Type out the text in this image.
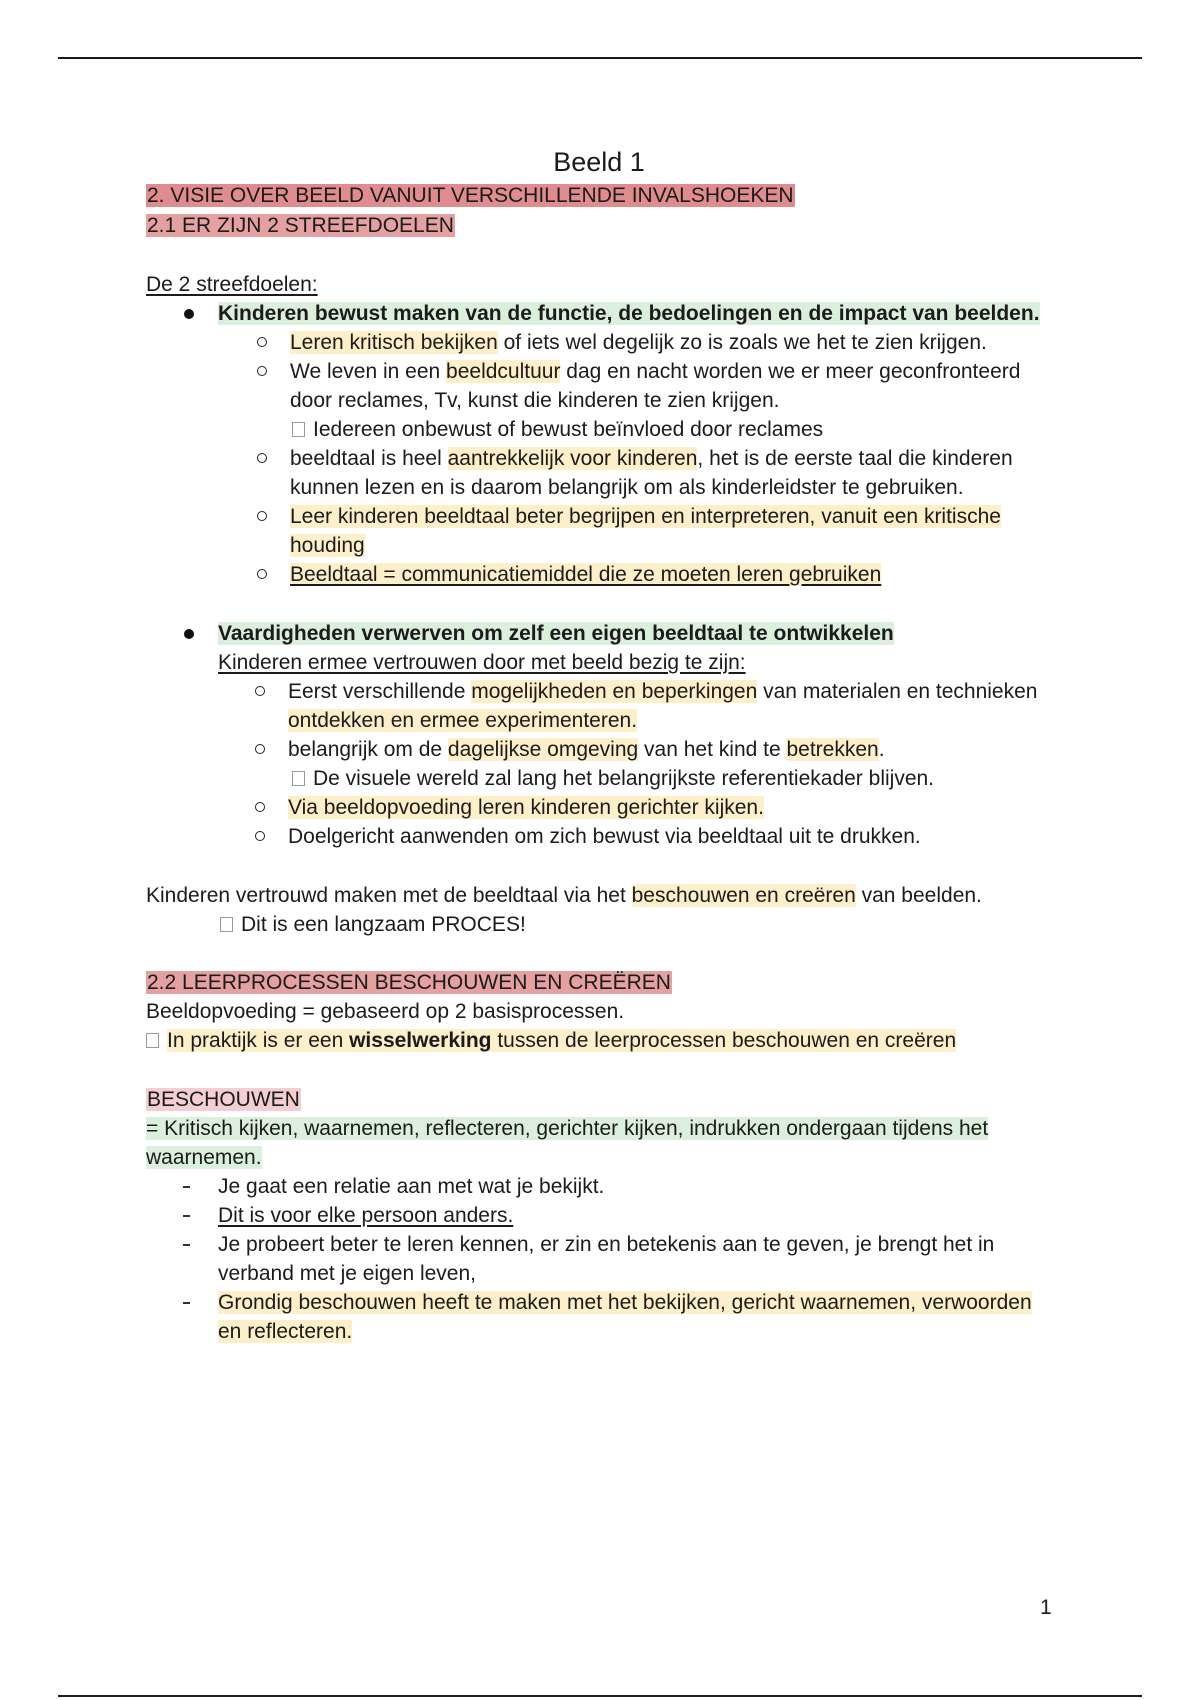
Beeld 1
2. VISIE OVER BEELD VANUIT VERSCHILLENDE INVALSHOEKEN
2.1 ER ZIJN 2 STREEFDOELEN
De 2 streefdoelen:
Kinderen bewust maken van de functie, de bedoelingen en de impact van beelden.
Leren kritisch bekijken of iets wel degelijk zo is zoals we het te zien krijgen.
We leven in een beeldcultuur dag en nacht worden we er meer geconfronteerd
door reclames, Tv, kunst die kinderen te zien krijgen.
Iedereen onbewust of bewust beïnvloed door reclames
beeldtaal is heel aantrekkelijk voor kinderen, het is de eerste taal die kinderen
kunnen lezen en is daarom belangrijk om als kinderleidster te gebruiken.
Leer kinderen beeldtaal beter begrijpen en interpreteren, vanuit een kritische
houding
Beeldtaal = communicatiemiddel die ze moeten leren gebruiken
Vaardigheden verwerven om zelf een eigen beeldtaal te ontwikkelen
Kinderen ermee vertrouwen door met beeld bezig te zijn:
Eerst verschillende mogelijkheden en beperkingen van materialen en technieken
ontdekken en ermee experimenteren.
belangrijk om de dagelijkse omgeving van het kind te betrekken.
De visuele wereld zal lang het belangrijkste referentiekader blijven.
Via beeldopvoeding leren kinderen gerichter kijken.
Doelgericht aanwenden om zich bewust via beeldtaal uit te drukken.
Kinderen vertrouwd maken met de beeldtaal via het beschouwen en creëren van beelden.
Dit is een langzaam PROCES!
2.2 LEERPROCESSEN BESCHOUWEN EN CREËREN
Beeldopvoeding = gebaseerd op 2 basisprocessen.
In praktijk is er een wisselwerking tussen de leerprocessen beschouwen en creëren
BESCHOUWEN
= Kritisch kijken, waarnemen, reflecteren, gerichter kijken, indrukken ondergaan tijdens het
waarnemen.
Je gaat een relatie aan met wat je bekijkt.
Dit is voor elke persoon anders.
Je probeert beter te leren kennen, er zin en betekenis aan te geven, je brengt het in
verband met je eigen leven,
Grondig beschouwen heeft te maken met het bekijken, gericht waarnemen, verwoorden
en reflecteren.
1
